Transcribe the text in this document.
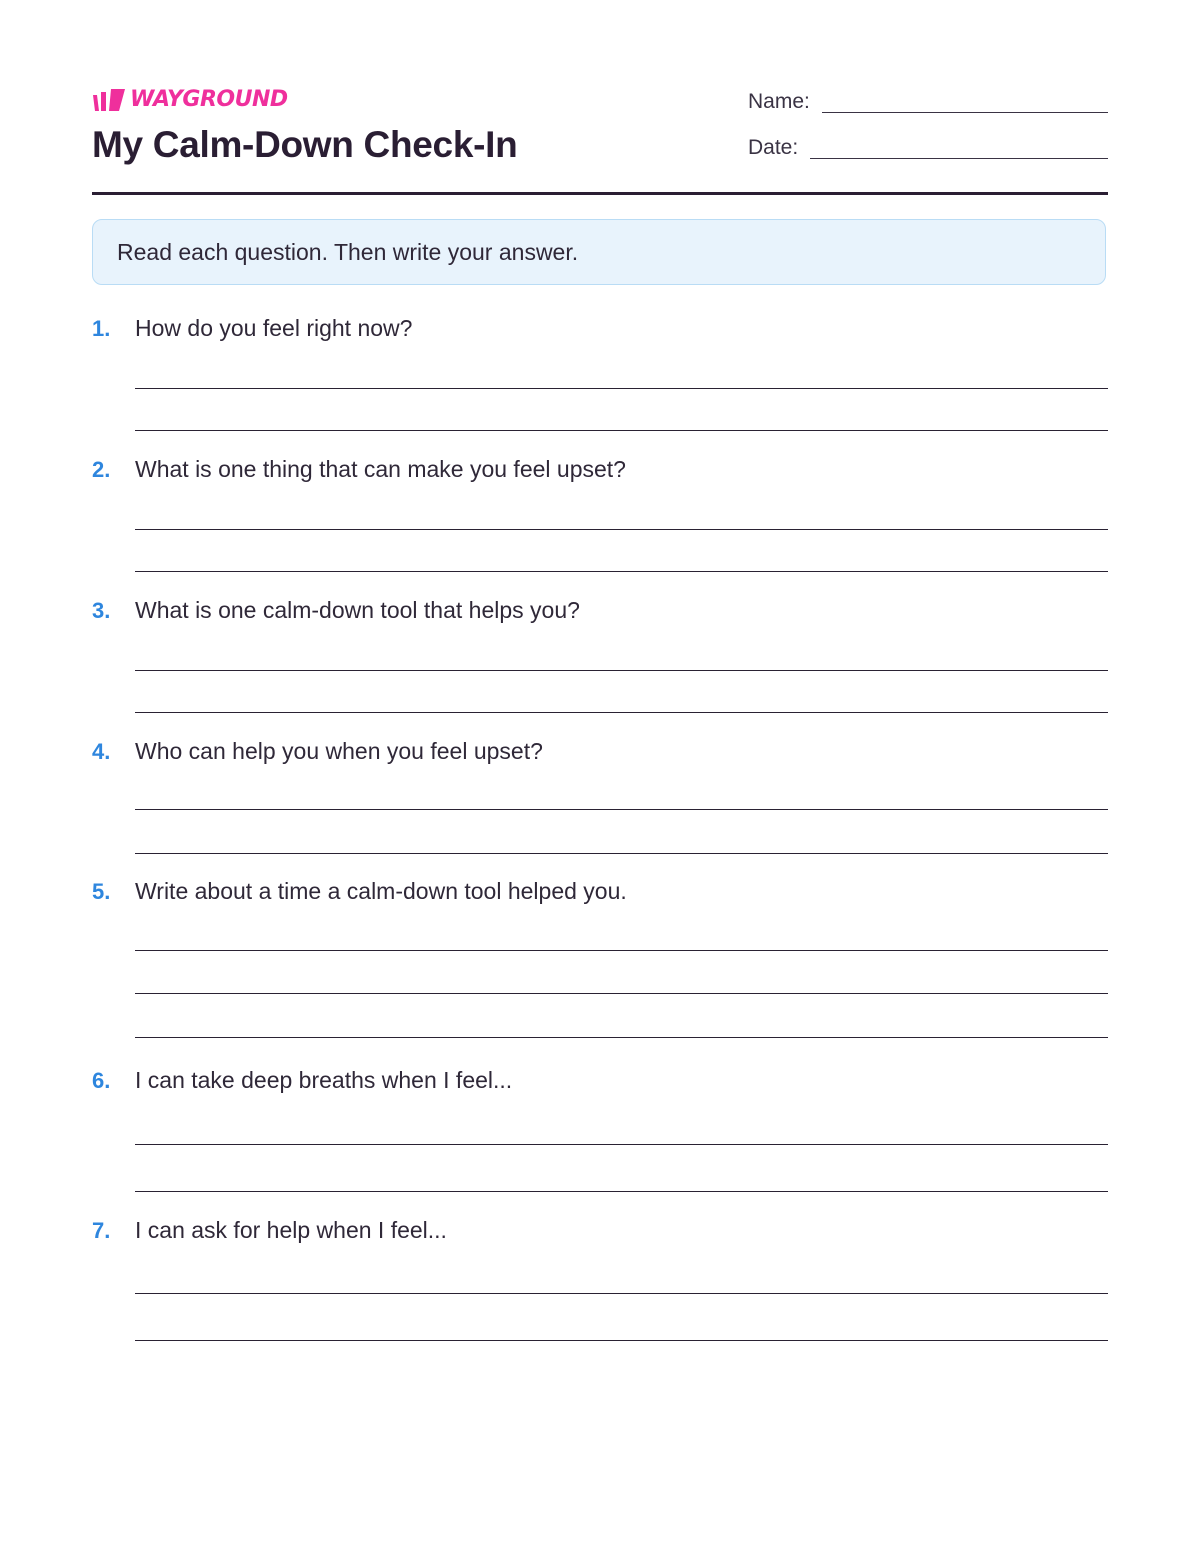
WAYGROUND
My Calm-Down Check-In
Name:
Date:
Read each question. Then write your answer.
1.	How do you feel right now?
2.	What is one thing that can make you feel upset?
3.	What is one calm-down tool that helps you?
4.	Who can help you when you feel upset?
5.	Write about a time a calm-down tool helped you.
6.	I can take deep breaths when I feel...
7.	I can ask for help when I feel...
